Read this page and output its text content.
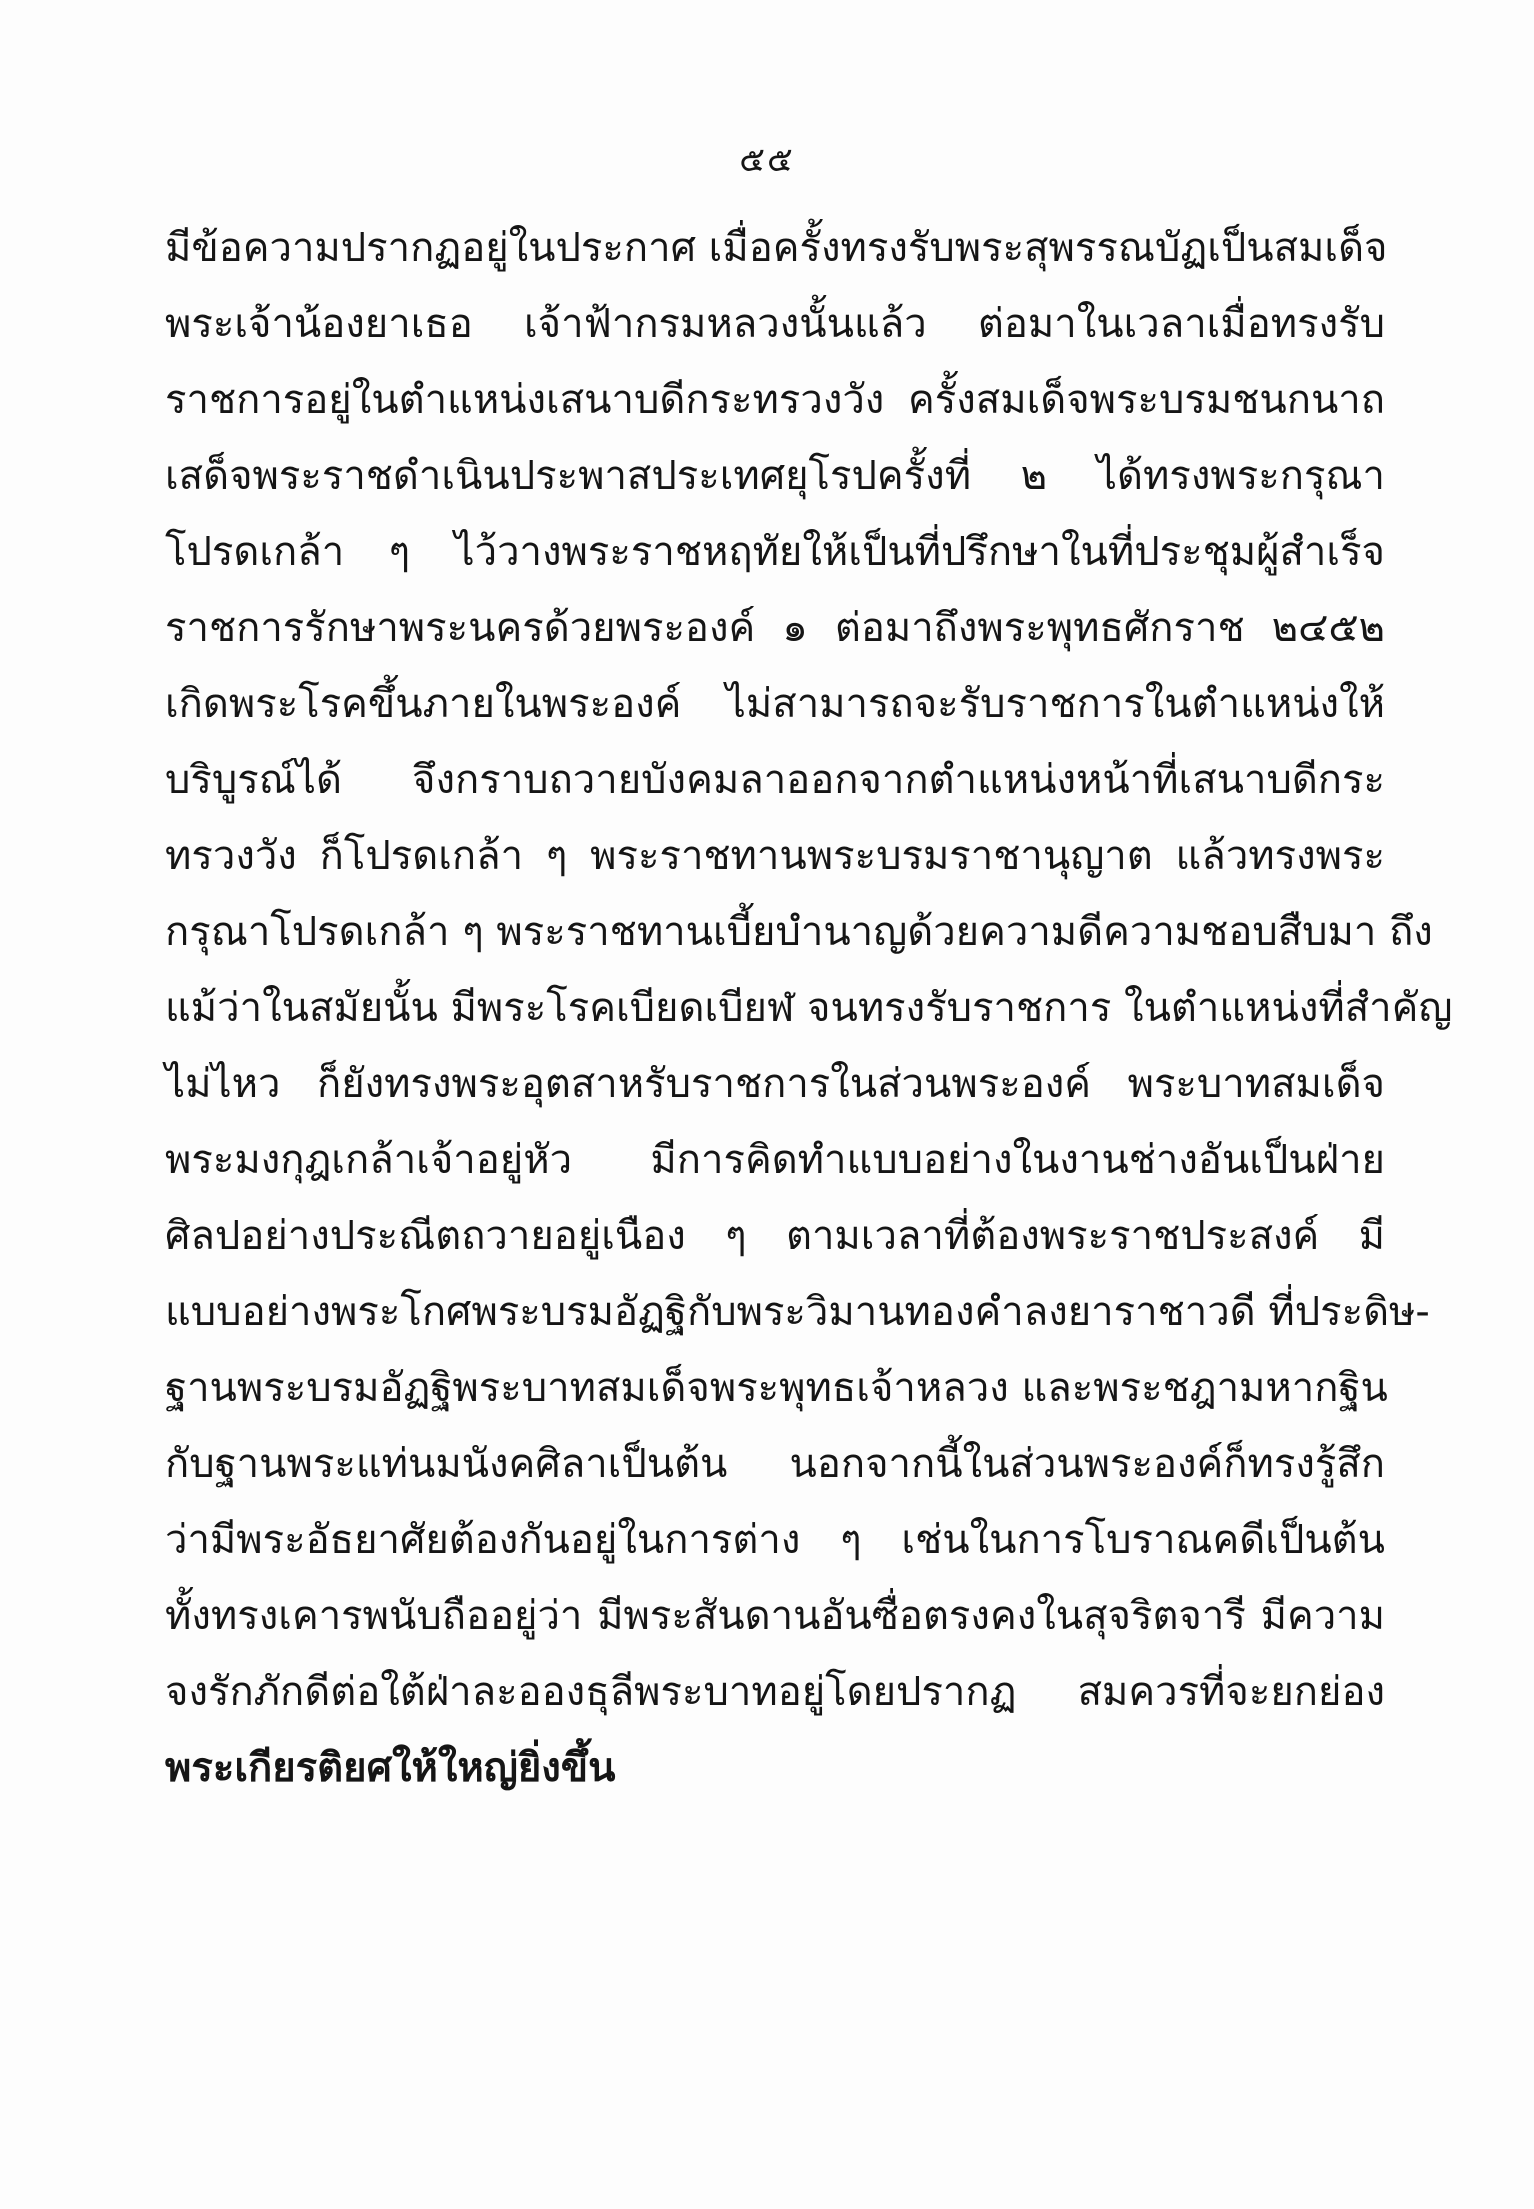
๕๕
มีข้อความปรากฏอยู่ในประกาศ เมื่อครั้งทรงรับพระสุพรรณบัฏเป็นสมเด็จ
พระเจ้าน้องยาเธอ เจ้าฟ้ากรมหลวงนั้นแล้ว ต่อมาในเวลาเมื่อทรงรับ
ราชการอยู่ในตำแหน่งเสนาบดีกระทรวงวัง ครั้งสมเด็จพระบรมชนกนาถ
เสด็จพระราชดำเนินประพาสประเทศยุโรปครั้งที่ ๒ ได้ทรงพระกรุณา
โปรดเกล้า ๆ ไว้วางพระราชหฤทัยให้เป็นที่ปรึกษาในที่ประชุมผู้สำเร็จ
ราชการรักษาพระนครด้วยพระองค์ ๑ ต่อมาถึงพระพุทธศักราช ๒๔๕๒
เกิดพระโรคขึ้นภายในพระองค์ ไม่สามารถจะรับราชการในตำแหน่งให้
บริบูรณ์ได้ จึงกราบถวายบังคมลาออกจากตำแหน่งหน้าที่เสนาบดีกระ
ทรวงวัง ก็โปรดเกล้า ๆ พระราชทานพระบรมราชานุญาต แล้วทรงพระ
กรุณาโปรดเกล้า ๆ พระราชทานเบี้ยบำนาญด้วยความดีความชอบสืบมา ถึง
แม้ว่าในสมัยนั้น มีพระโรคเบียดเบียฬ จนทรงรับราชการ ในตำแหน่งที่สำคัญ
ไม่ไหว ก็ยังทรงพระอุตสาหรับราชการในส่วนพระองค์ พระบาทสมเด็จ
พระมงกุฎเกล้าเจ้าอยู่หัว มีการคิดทำแบบอย่างในงานช่างอันเป็นฝ่าย
ศิลปอย่างประณีตถวายอยู่เนือง ๆ ตามเวลาที่ต้องพระราชประสงค์ มี
แบบอย่างพระโกศพระบรมอัฏฐิกับพระวิมานทองคำลงยาราชาวดี ที่ประดิษ-
ฐานพระบรมอัฏฐิพระบาทสมเด็จพระพุทธเจ้าหลวง และพระชฎามหากฐิน
กับฐานพระแท่นมนังคศิลาเป็นต้น นอกจากนี้ในส่วนพระองค์ก็ทรงรู้สึก
ว่ามีพระอัธยาศัยต้องกันอยู่ในการต่าง ๆ เช่นในการโบราณคดีเป็นต้น
ทั้งทรงเคารพนับถืออยู่ว่า มีพระสันดานอันซื่อตรงคงในสุจริตจารี มีความ
จงรักภักดีต่อใต้ฝ่าละอองธุลีพระบาทอยู่โดยปรากฏ สมควรที่จะยกย่อง
พระเกียรติยศให้ใหญ่ยิ่งขึ้น
